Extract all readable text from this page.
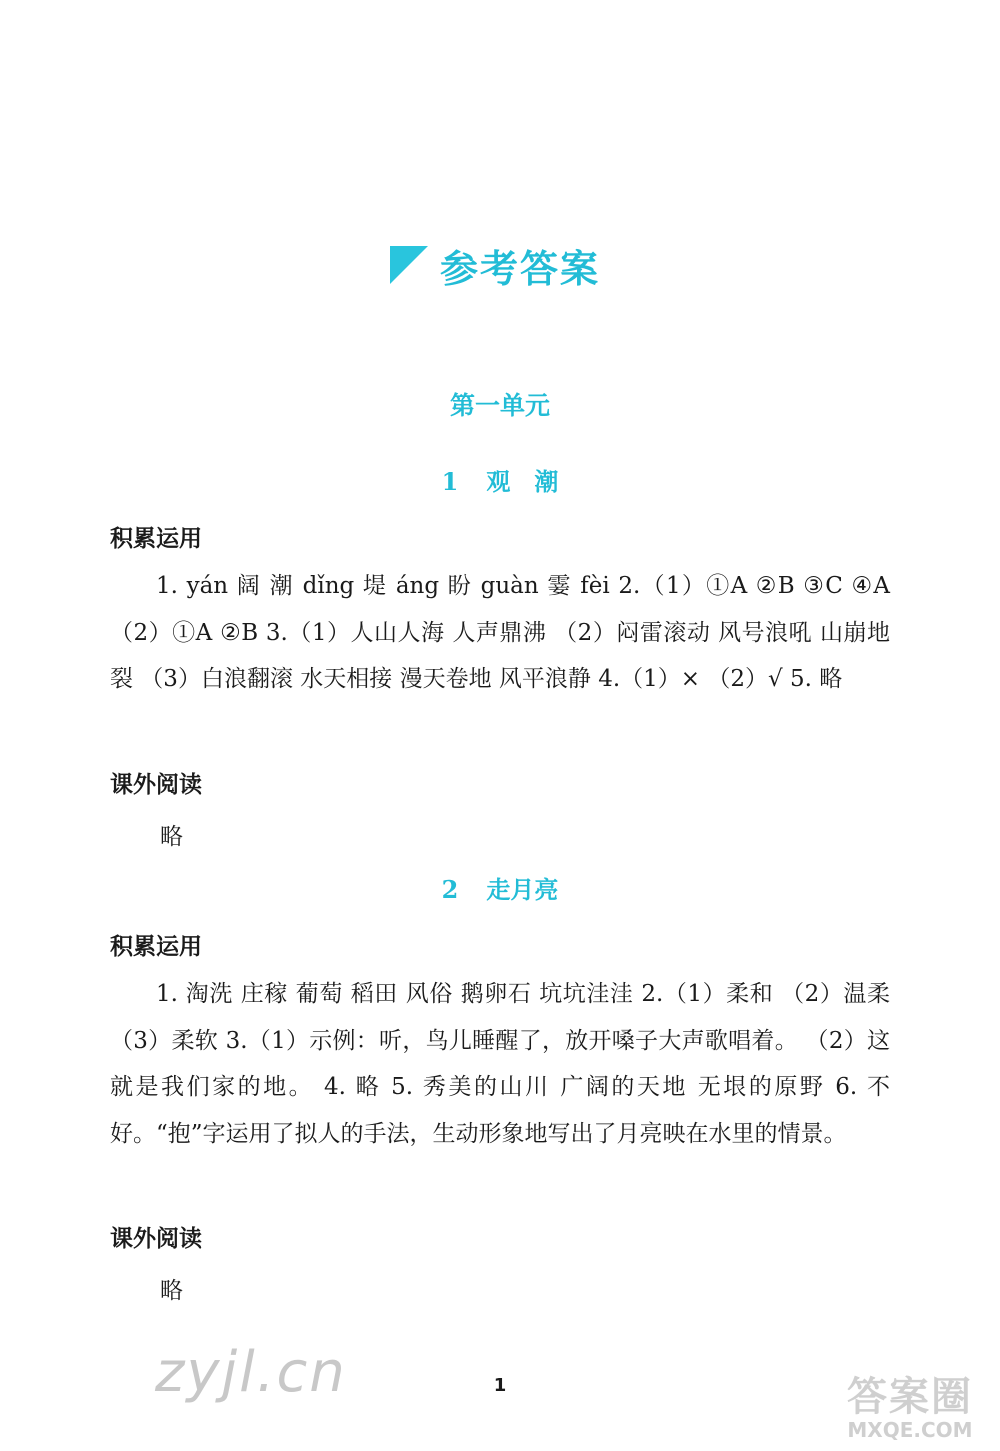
参考答案
第一单元
1 观　潮
积累运用
1. yán 阔 潮 dǐng 堤 áng 盼 guàn 霎 fèi 2.（1）①A ②B ③C ④A （2）①A ②B 3.（1）人山人海 人声鼎沸 （2）闷雷滚动 风号浪吼 山崩地裂 （3）白浪翻滚 水天相接 漫天卷地 风平浪静 4.（1）× （2）√ 5. 略
课外阅读
略
2 走月亮
积累运用
1. 淘洗 庄稼 葡萄 稻田 风俗 鹅卵石 坑坑洼洼 2.（1）柔和 （2）温柔 （3）柔软 3.（1）示例：听，鸟儿睡醒了，放开嗓子大声歌唱着。 （2）这就是我们家的地。 4. 略 5. 秀美的山川 广阔的天地 无垠的原野 6. 不好。“抱”字运用了拟人的手法，生动形象地写出了月亮映在水里的情景。
课外阅读
略
zyjl.cn	1	答案圈
MXQE.COM
